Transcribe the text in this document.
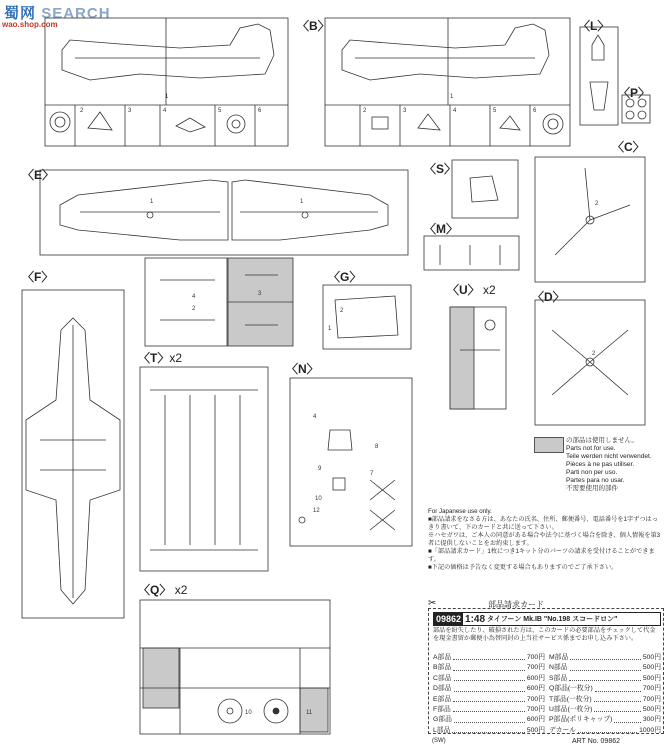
蜀网 SEARCH
wao.shop.com	〈B〉	〈L〉
〈P〉
〈C〉
〈E〉	〈S〉
〈M〉
〈F〉	〈G〉
〈U〉 x2	〈D〉
〈T〉x2
〈N〉
〈Q〉 x2
1	1
2	3	4	5	6	2	3	4	5	6
2
2
1	1
4
2
3
1
2
4
9
10
12
8
7
11
10
の部品は使用しません。
Parts not for use.
Teile werden nicht verwendet.
Pièces à ne pas utiliser.
Parti non per uso.
Partes para no usar.
不需要使用的部件
For Japanese use only.
■部品請求をなさる方は、あなたの氏名、住所、郵便番号、電話番号を1字ずつはっきり書いて、下のカードと共に送って下さい。
※ハセガワは、ご本人の同意がある場合や法令に基づく場合を除き、個人情報を第3者に提供しないことをお約束します。
■「部品請求カード」1枚につき1キット分のパーツの請求を受付けることができます。
■下記の価格は予告なく変更する場合もありますのでご了承下さい。
✂	部品請求カード
09862 1:48 タイフーン Mk.IB "No.198 スコードロン"
部品を紛失したり、破損された方は、このカードの必要部品をチェックして代金を現金書留か郵便小為替同封の上当社サービス係までお申し込み下さい。
A部品	700円
B部品	700円
C部品	600円
D部品	600円
E部品	700円
F部品	700円
G部品	600円
L部品	500円
M部品	500円
N部品	500円
S部品	500円
Q部品(一枚分)	700円
T部品(一枚分)	700円
U部品(一枚分)	500円
P部品(ポリキャップ)	300円
デカール	1000円
(SW)	ART No. 09862
